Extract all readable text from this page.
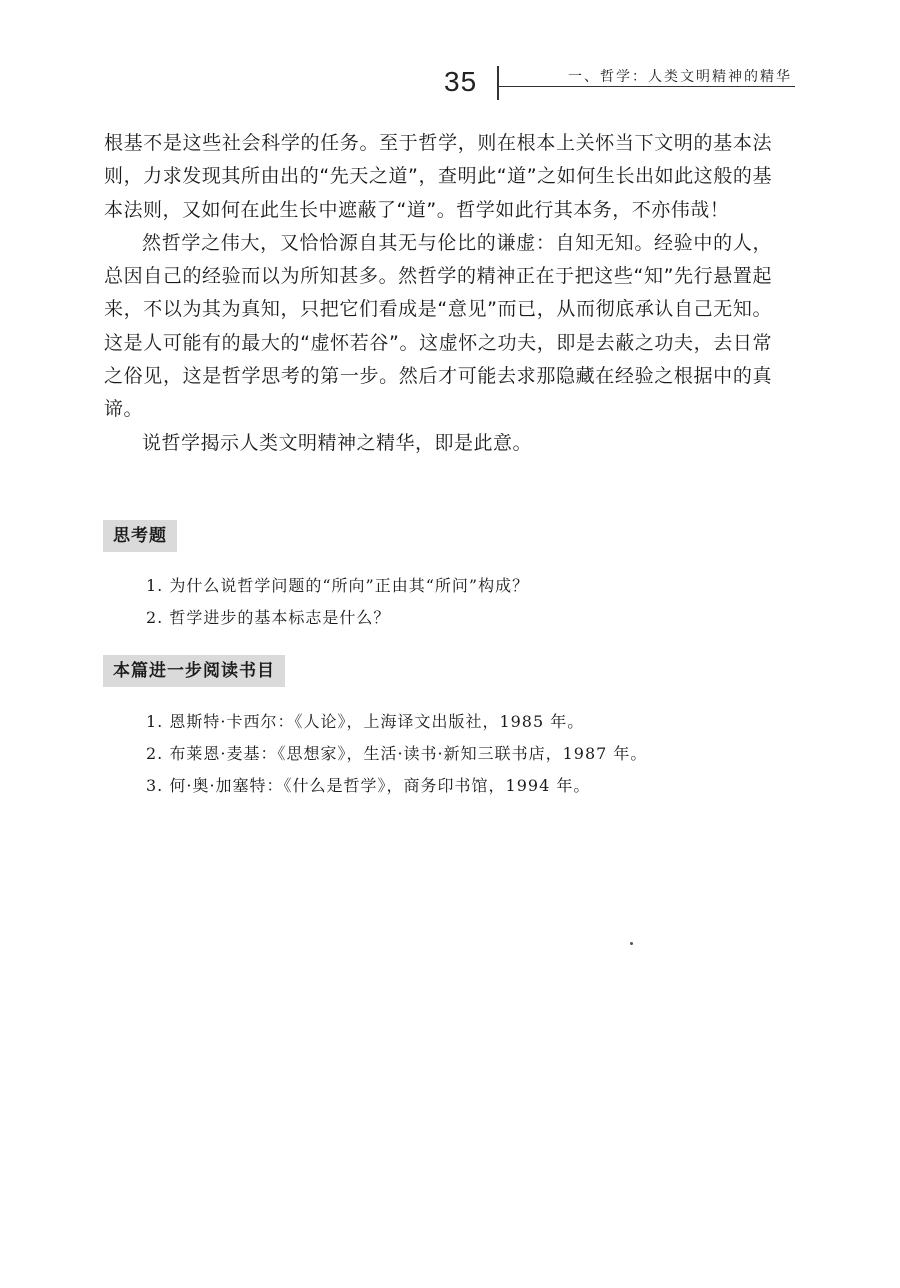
35	一、哲学：人类文明精神的精华

根基不是这些社会科学的任务。至于哲学，则在根本上关怀当下文明的基本法则，力求发现其所由出的“先天之道”，查明此“道”之如何生长出如此这般的基本法则，又如何在此生长中遮蔽了“道”。哲学如此行其本务，不亦伟哉！

然哲学之伟大，又恰恰源自其无与伦比的谦虚：自知无知。经验中的人，总因自己的经验而以为所知甚多。然哲学的精神正在于把这些“知”先行悬置起来，不以为其为真知，只把它们看成是“意见”而已，从而彻底承认自己无知。这是人可能有的最大的“虚怀若谷”。这虚怀之功夫，即是去蔽之功夫，去日常之俗见，这是哲学思考的第一步。然后才可能去求那隐藏在经验之根据中的真谛。

说哲学揭示人类文明精神之精华，即是此意。

思考题
1. 为什么说哲学问题的“所向”正由其“所问”构成？
2. 哲学进步的基本标志是什么？
本篇进一步阅读书目
1. 恩斯特·卡西尔：《人论》，上海译文出版社，1985 年。
2. 布莱恩·麦基：《思想家》，生活·读书·新知三联书店，1987 年。
3. 何·奥·加塞特：《什么是哲学》，商务印书馆，1994 年。
